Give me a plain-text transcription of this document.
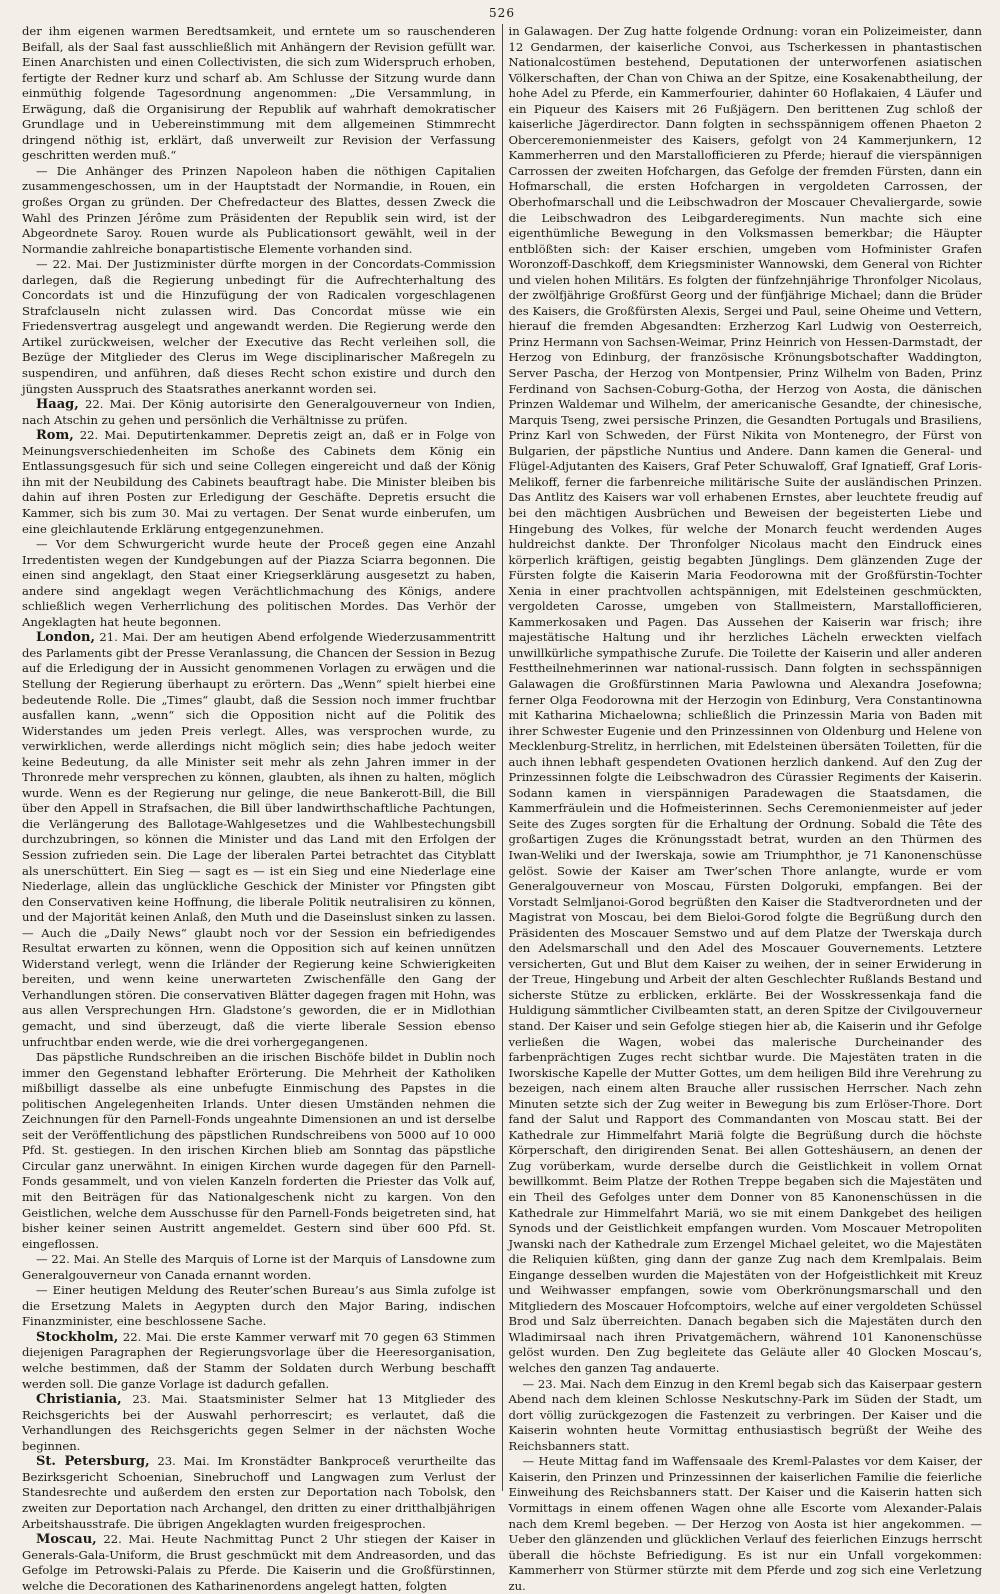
526

der ihm eigenen warmen Beredtsamkeit, und erntete um so rauschenderen Beifall, als der Saal fast ausschließlich mit Anhängern der Revision gefüllt war. Einen Anarchisten und einen Collectivisten, die sich zum Widerspruch erhoben, fertigte der Redner kurz und scharf ab. Am Schlusse der Sitzung wurde dann einmüthig folgende Tagesordnung angenommen: „Die Versammlung, in Erwägung, daß die Organisirung der Republik auf wahrhaft demokratischer Grundlage und in Uebereinstimmung mit dem allgemeinen Stimmrecht dringend nöthig ist, erklärt, daß unverweilt zur Revision der Verfassung geschritten werden muß.“

— Die Anhänger des Prinzen Napoleon haben die nöthigen Capitalien zusammengeschossen, um in der Hauptstadt der Normandie, in Rouen, ein großes Organ zu gründen. Der Chefredacteur des Blattes, dessen Zweck die Wahl des Prinzen Jérôme zum Präsidenten der Republik sein wird, ist der Abgeordnete Saroy. Rouen wurde als Publicationsort gewählt, weil in der Normandie zahlreiche bonapartistische Elemente vorhanden sind.

— 22. Mai. Der Justizminister dürfte morgen in der Concordats-Commission darlegen, daß die Regierung unbedingt für die Aufrechterhaltung des Concordats ist und die Hinzufügung der von Radicalen vorgeschlagenen Strafclauseln nicht zulassen wird. Das Concordat müsse wie ein Friedensvertrag ausgelegt und angewandt werden. Die Regierung werde den Artikel zurückweisen, welcher der Executive das Recht verleihen soll, die Bezüge der Mitglieder des Clerus im Wege disciplinarischer Maßregeln zu suspendiren, und anführen, daß dieses Recht schon existire und durch den jüngsten Ausspruch des Staatsrathes anerkannt worden sei.

Haag, 22. Mai. Der König autorisirte den Generalgouverneur von Indien, nach Atschin zu gehen und persönlich die Verhältnisse zu prüfen.

Rom, 22. Mai. Deputirtenkammer. Depretis zeigt an, daß er in Folge von Meinungsverschiedenheiten im Schoße des Cabinets dem König ein Entlassungsgesuch für sich und seine Collegen eingereicht und daß der König ihn mit der Neubildung des Cabinets beauftragt habe. Die Minister bleiben bis dahin auf ihren Posten zur Erledigung der Geschäfte. Depretis ersucht die Kammer, sich bis zum 30. Mai zu vertagen. Der Senat wurde einberufen, um eine gleichlautende Erklärung entgegenzunehmen.

— Vor dem Schwurgericht wurde heute der Proceß gegen eine Anzahl Irredentisten wegen der Kundgebungen auf der Piazza Sciarra begonnen. Die einen sind angeklagt, den Staat einer Kriegserklärung ausgesetzt zu haben, andere sind angeklagt wegen Verächtlichmachung des Königs, andere schließlich wegen Verherrlichung des politischen Mordes. Das Verhör der Angeklagten hat heute begonnen.

London, 21. Mai. Der am heutigen Abend erfolgende Wiederzusammentritt des Parlaments gibt der Presse Veranlassung, die Chancen der Session in Bezug auf die Erledigung der in Aussicht genommenen Vorlagen zu erwägen und die Stellung der Regierung überhaupt zu erörtern. Das „Wenn“ spielt hierbei eine bedeutende Rolle. Die „Times“ glaubt, daß die Session noch immer fruchtbar ausfallen kann, „wenn“ sich die Opposition nicht auf die Politik des Widerstandes um jeden Preis verlegt. Alles, was versprochen wurde, zu verwirklichen, werde allerdings nicht möglich sein; dies habe jedoch weiter keine Bedeutung, da alle Minister seit mehr als zehn Jahren immer in der Thronrede mehr versprechen zu können, glaubten, als ihnen zu halten, möglich wurde. Wenn es der Regierung nur gelinge, die neue Bankerott-Bill, die Bill über den Appell in Strafsachen, die Bill über landwirthschaftliche Pachtungen, die Verlängerung des Ballotage-Wahlgesetzes und die Wahlbestechungsbill durchzubringen, so können die Minister und das Land mit den Erfolgen der Session zufrieden sein. Die Lage der liberalen Partei betrachtet das Cityblatt als unerschüttert. Ein Sieg — sagt es — ist ein Sieg und eine Niederlage eine Niederlage, allein das unglückliche Geschick der Minister vor Pfingsten gibt den Conservativen keine Hoffnung, die liberale Politik neutralisiren zu können, und der Majorität keinen Anlaß, den Muth und die Daseinslust sinken zu lassen. — Auch die „Daily News“ glaubt noch vor der Session ein befriedigendes Resultat erwarten zu können, wenn die Opposition sich auf keinen unnützen Widerstand verlegt, wenn die Irländer der Regierung keine Schwierigkeiten bereiten, und wenn keine unerwarteten Zwischenfälle den Gang der Verhandlungen stören. Die conservativen Blätter dagegen fragen mit Hohn, was aus allen Versprechungen Hrn. Gladstone’s geworden, die er in Midlothian gemacht, und sind überzeugt, daß die vierte liberale Session ebenso unfruchtbar enden werde, wie die drei vorhergegangenen.

Das päpstliche Rundschreiben an die irischen Bischöfe bildet in Dublin noch immer den Gegenstand lebhafter Erörterung. Die Mehrheit der Katholiken mißbilligt dasselbe als eine unbefugte Einmischung des Papstes in die politischen Angelegenheiten Irlands. Unter diesen Umständen nehmen die Zeichnungen für den Parnell-Fonds ungeahnte Dimensionen an und ist derselbe seit der Veröffentlichung des päpstlichen Rundschreibens von 5000 auf 10 000 Pfd. St. gestiegen. In den irischen Kirchen blieb am Sonntag das päpstliche Circular ganz unerwähnt. In einigen Kirchen wurde dagegen für den Parnell-Fonds gesammelt, und von vielen Kanzeln forderten die Priester das Volk auf, mit den Beiträgen für das Nationalgeschenk nicht zu kargen. Von den Geistlichen, welche dem Ausschusse für den Parnell-Fonds beigetreten sind, hat bisher keiner seinen Austritt angemeldet. Gestern sind über 600 Pfd. St. eingeflossen.

— 22. Mai. An Stelle des Marquis of Lorne ist der Marquis of Lansdowne zum Generalgouverneur von Canada ernannt worden.

— Einer heutigen Meldung des Reuter’schen Bureau’s aus Simla zufolge ist die Ersetzung Malets in Aegypten durch den Major Baring, indischen Finanzminister, eine beschlossene Sache.

Stockholm, 22. Mai. Die erste Kammer verwarf mit 70 gegen 63 Stimmen diejenigen Paragraphen der Regierungsvorlage über die Heeresorganisation, welche bestimmen, daß der Stamm der Soldaten durch Werbung beschafft werden soll. Die ganze Vorlage ist dadurch gefallen.

Christiania, 23. Mai. Staatsminister Selmer hat 13 Mitglieder des Reichsgerichts bei der Auswahl perhorrescirt; es verlautet, daß die Verhandlungen des Reichsgerichts gegen Selmer in der nächsten Woche beginnen.

St. Petersburg, 23. Mai. Im Kronstädter Bankproceß verurtheilte das Bezirksgericht Schoenian, Sinebruchoff und Langwagen zum Verlust der Standesrechte und außerdem den ersten zur Deportation nach Tobolsk, den zweiten zur Deportation nach Archangel, den dritten zu einer dritthalbjährigen Arbeitshausstrafe. Die übrigen Angeklagten wurden freigesprochen.

Moscau, 22. Mai. Heute Nachmittag Punct 2 Uhr stiegen der Kaiser in Generals-Gala-Uniform, die Brust geschmückt mit dem Andreasorden, und das Gefolge im Petrowski-Palais zu Pferde. Die Kaiserin und die Großfürstinnen, welche die Decorationen des Katharinenordens angelegt hatten, folgten

in Galawagen. Der Zug hatte folgende Ordnung: voran ein Polizeimeister, dann 12 Gendarmen, der kaiserliche Convoi, aus Tscherkessen in phantastischen Nationalcostümen bestehend, Deputationen der unterworfenen asiatischen Völkerschaften, der Chan von Chiwa an der Spitze, eine Kosakenabtheilung, der hohe Adel zu Pferde, ein Kammerfourier, dahinter 60 Hoflakaien, 4 Läufer und ein Piqueur des Kaisers mit 26 Fußjägern. Den berittenen Zug schloß der kaiserliche Jägerdirector. Dann folgten in sechsspännigem offenen Phaeton 2 Oberceremonienmeister des Kaisers, gefolgt von 24 Kammerjunkern, 12 Kammerherren und den Marstallofficieren zu Pferde; hierauf die vierspännigen Carrossen der zweiten Hofchargen, das Gefolge der fremden Fürsten, dann ein Hofmarschall, die ersten Hofchargen in vergoldeten Carrossen, der Oberhofmarschall und die Leibschwadron der Moscauer Chevaliergarde, sowie die Leibschwadron des Leibgarderegiments. Nun machte sich eine eigenthümliche Bewegung in den Volksmassen bemerkbar; die Häupter entblößten sich: der Kaiser erschien, umgeben vom Hofminister Grafen Woronzoff-Daschkoff, dem Kriegsminister Wannowski, dem General von Richter und vielen hohen Militärs. Es folgten der fünfzehnjährige Thronfolger Nicolaus, der zwölfjährige Großfürst Georg und der fünfjährige Michael; dann die Brüder des Kaisers, die Großfürsten Alexis, Sergei und Paul, seine Oheime und Vettern, hierauf die fremden Abgesandten: Erzherzog Karl Ludwig von Oesterreich, Prinz Hermann von Sachsen-Weimar, Prinz Heinrich von Hessen-Darmstadt, der Herzog von Edinburg, der französische Krönungsbotschafter Waddington, Server Pascha, der Herzog von Montpensier, Prinz Wilhelm von Baden, Prinz Ferdinand von Sachsen-Coburg-Gotha, der Herzog von Aosta, die dänischen Prinzen Waldemar und Wilhelm, der americanische Gesandte, der chinesische, Marquis Tseng, zwei persische Prinzen, die Gesandten Portugals und Brasiliens, Prinz Karl von Schweden, der Fürst Nikita von Montenegro, der Fürst von Bulgarien, der päpstliche Nuntius und Andere. Dann kamen die General- und Flügel-Adjutanten des Kaisers, Graf Peter Schuwaloff, Graf Ignatieff, Graf Loris-Melikoff, ferner die farbenreiche militärische Suite der ausländischen Prinzen. Das Antlitz des Kaisers war voll erhabenen Ernstes, aber leuchtete freudig auf bei den mächtigen Ausbrüchen und Beweisen der begeisterten Liebe und Hingebung des Volkes, für welche der Monarch feucht werdenden Auges huldreichst dankte. Der Thronfolger Nicolaus macht den Eindruck eines körperlich kräftigen, geistig begabten Jünglings. Dem glänzenden Zuge der Fürsten folgte die Kaiserin Maria Feodorowna mit der Großfürstin-Tochter Xenia in einer prachtvollen achtspännigen, mit Edelsteinen geschmückten, vergoldeten Carosse, umgeben von Stallmeistern, Marstallofficieren, Kammerkosaken und Pagen. Das Aussehen der Kaiserin war frisch; ihre majestätische Haltung und ihr herzliches Lächeln erweckten vielfach unwillkürliche sympathische Zurufe. Die Toilette der Kaiserin und aller anderen Festtheilnehmerinnen war national-russisch. Dann folgten in sechsspännigen Galawagen die Großfürstinnen Maria Pawlowna und Alexandra Josefowna; ferner Olga Feodorowna mit der Herzogin von Edinburg, Vera Constantinowna mit Katharina Michaelowna; schließlich die Prinzessin Maria von Baden mit ihrer Schwester Eugenie und den Prinzessinnen von Oldenburg und Helene von Mecklenburg-Strelitz, in herrlichen, mit Edelsteinen übersäten Toiletten, für die auch ihnen lebhaft gespendeten Ovationen herzlich dankend. Auf den Zug der Prinzessinnen folgte die Leibschwadron des Cürassier Regiments der Kaiserin. Sodann kamen in vierspännigen Paradewagen die Staatsdamen, die Kammerfräulein und die Hofmeisterinnen. Sechs Ceremonienmeister auf jeder Seite des Zuges sorgten für die Erhaltung der Ordnung. Sobald die Tête des großartigen Zuges die Krönungsstadt betrat, wurden an den Thürmen des Iwan-Weliki und der Iwerskaja, sowie am Triumphthor, je 71 Kanonenschüsse gelöst. Sowie der Kaiser am Twer’schen Thore anlangte, wurde er vom Generalgouverneur von Moscau, Fürsten Dolgoruki, empfangen. Bei der Vorstadt Selmljanoi-Gorod begrüßten den Kaiser die Stadtverordneten und der Magistrat von Moscau, bei dem Bieloi-Gorod folgte die Begrüßung durch den Präsidenten des Moscauer Semstwo und auf dem Platze der Twerskaja durch den Adelsmarschall und den Adel des Moscauer Gouvernements. Letztere versicherten, Gut und Blut dem Kaiser zu weihen, der in seiner Erwiderung in der Treue, Hingebung und Arbeit der alten Geschlechter Rußlands Bestand und sicherste Stütze zu erblicken, erklärte. Bei der Wosskressenkaja fand die Huldigung sämmtlicher Civilbeamten statt, an deren Spitze der Civilgouverneur stand. Der Kaiser und sein Gefolge stiegen hier ab, die Kaiserin und ihr Gefolge verließen die Wagen, wobei das malerische Durcheinander des farbenprächtigen Zuges recht sichtbar wurde. Die Majestäten traten in die Iworskische Kapelle der Mutter Gottes, um dem heiligen Bild ihre Verehrung zu bezeigen, nach einem alten Brauche aller russischen Herrscher. Nach zehn Minuten setzte sich der Zug weiter in Bewegung bis zum Erlöser-Thore. Dort fand der Salut und Rapport des Commandanten von Moscau statt. Bei der Kathedrale zur Himmelfahrt Mariä folgte die Begrüßung durch die höchste Körperschaft, den dirigirenden Senat. Bei allen Gotteshäusern, an denen der Zug vorüberkam, wurde derselbe durch die Geistlichkeit in vollem Ornat bewillkommt. Beim Platze der Rothen Treppe begaben sich die Majestäten und ein Theil des Gefolges unter dem Donner von 85 Kanonenschüssen in die Kathedrale zur Himmelfahrt Mariä, wo sie mit einem Dankgebet des heiligen Synods und der Geistlichkeit empfangen wurden. Vom Moscauer Metropoliten Jwanski nach der Kathedrale zum Erzengel Michael geleitet, wo die Majestäten die Reliquien küßten, ging dann der ganze Zug nach dem Kremlpalais. Beim Eingange desselben wurden die Majestäten von der Hofgeistlichkeit mit Kreuz und Weihwasser empfangen, sowie vom Oberkrönungsmarschall und den Mitgliedern des Moscauer Hofcomptoirs, welche auf einer vergoldeten Schüssel Brod und Salz überreichten. Danach begaben sich die Majestäten durch den Wladimirsaal nach ihren Privatgemächern, während 101 Kanonenschüsse gelöst wurden. Den Zug begleitete das Geläute aller 40 Glocken Moscau’s, welches den ganzen Tag andauerte.

— 23. Mai. Nach dem Einzug in den Kreml begab sich das Kaiserpaar gestern Abend nach dem kleinen Schlosse Neskutschny-Park im Süden der Stadt, um dort völlig zurückgezogen die Fastenzeit zu verbringen. Der Kaiser und die Kaiserin wohnten heute Vormittag enthusiastisch begrüßt der Weihe des Reichsbanners statt.

— Heute Mittag fand im Waffensaale des Kreml-Palastes vor dem Kaiser, der Kaiserin, den Prinzen und Prinzessinnen der kaiserlichen Familie die feierliche Einweihung des Reichsbanners statt. Der Kaiser und die Kaiserin hatten sich Vormittags in einem offenen Wagen ohne alle Escorte vom Alexander-Palais nach dem Kreml begeben. — Der Herzog von Aosta ist hier angekommen. — Ueber den glänzenden und glücklichen Verlauf des feierlichen Einzugs herrscht überall die höchste Befriedigung. Es ist nur ein Unfall vorgekommen: Kammerherr von Stürmer stürzte mit dem Pferde und zog sich eine Verletzung zu.
